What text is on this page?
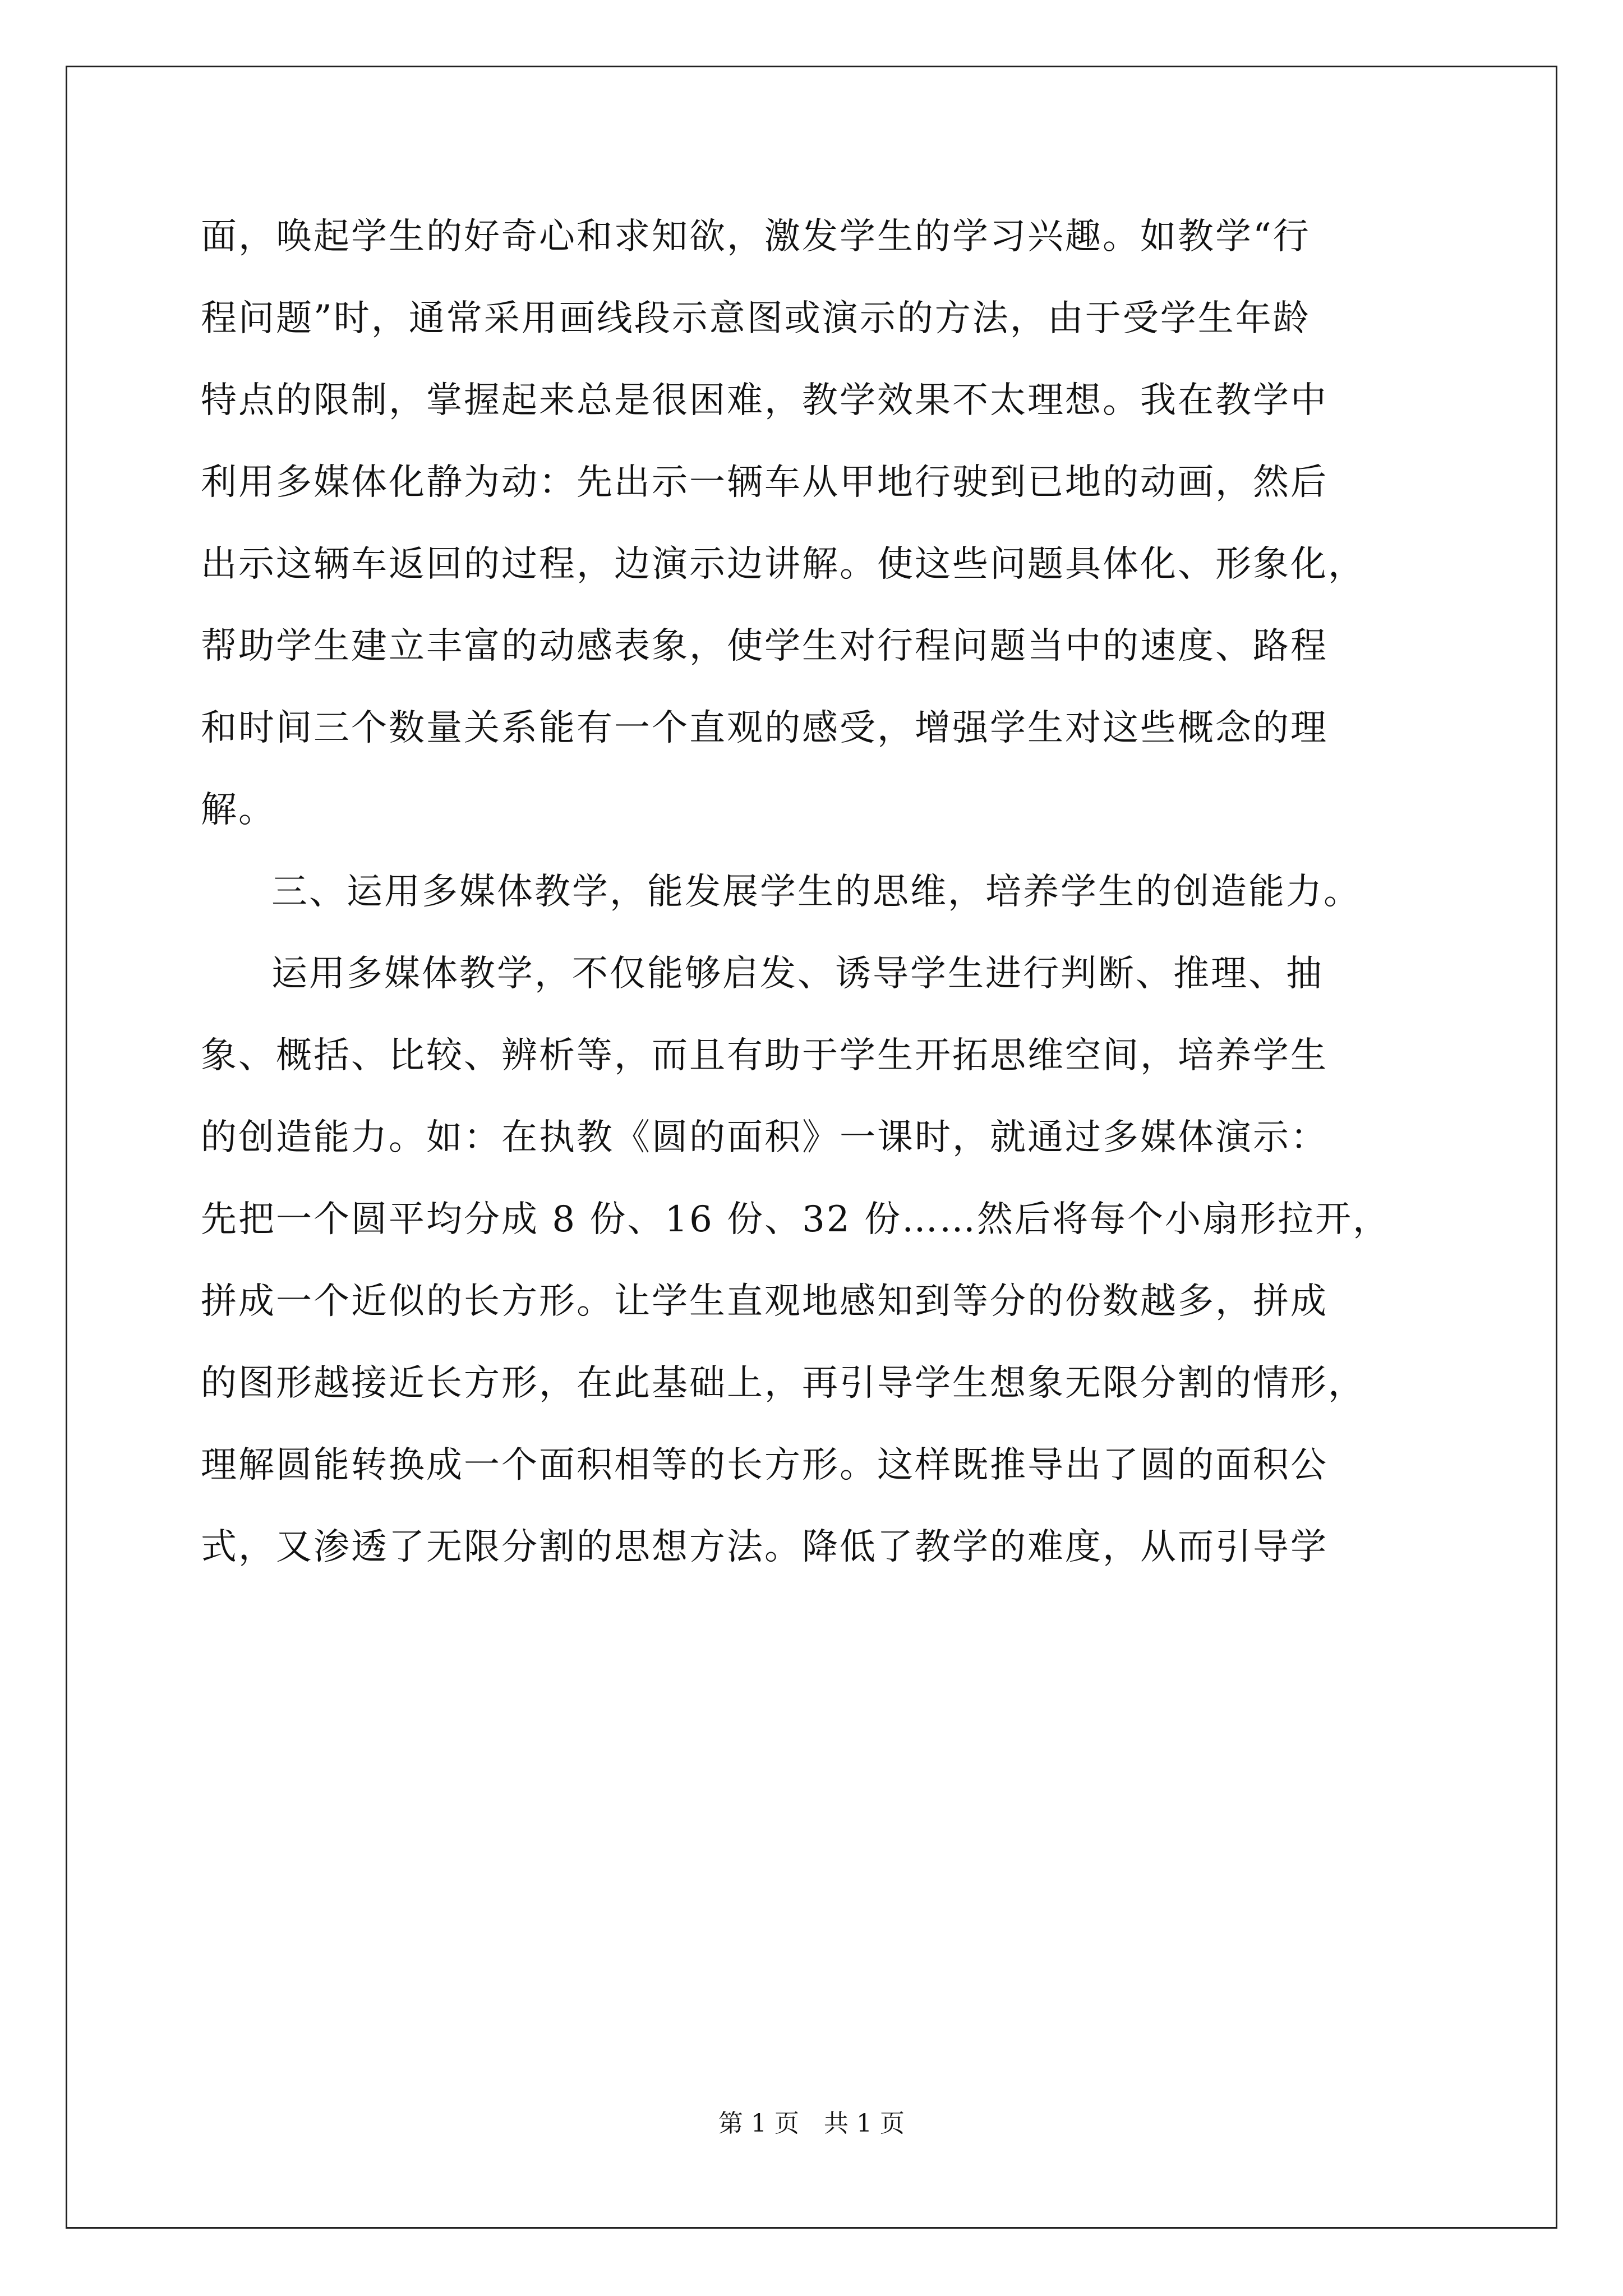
面，唤起学生的好奇心和求知欲，激发学生的学习兴趣。如教学“行
程问题”时，通常采用画线段示意图或演示的方法，由于受学生年龄
特点的限制，掌握起来总是很困难，教学效果不太理想。我在教学中
利用多媒体化静为动：先出示一辆车从甲地行驶到已地的动画，然后
出示这辆车返回的过程，边演示边讲解。使这些问题具体化、形象化，
帮助学生建立丰富的动感表象，使学生对行程问题当中的速度、路程
和时间三个数量关系能有一个直观的感受，增强学生对这些概念的理
解。
三、运用多媒体教学，能发展学生的思维，培养学生的创造能力。
运用多媒体教学，不仅能够启发、诱导学生进行判断、推理、抽
象、概括、比较、辨析等，而且有助于学生开拓思维空间，培养学生
的创造能力。如：在执教《圆的面积》一课时，就通过多媒体演示：
先把一个圆平均分成 8 份、16 份、32 份……然后将每个小扇形拉开，
拼成一个近似的长方形。让学生直观地感知到等分的份数越多，拼成
的图形越接近长方形，在此基础上，再引导学生想象无限分割的情形，
理解圆能转换成一个面积相等的长方形。这样既推导出了圆的面积公
式，又渗透了无限分割的思想方法。降低了教学的难度，从而引导学
第 1 页　共 1 页
